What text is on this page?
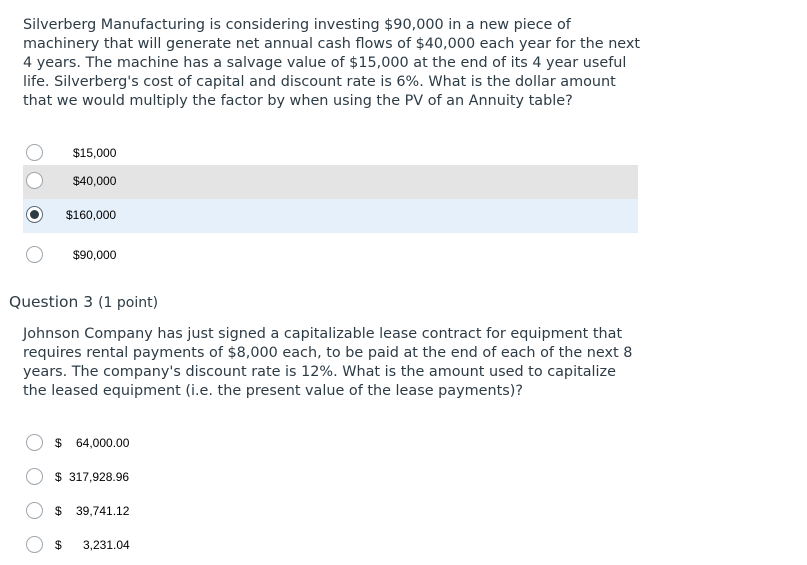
Silverberg Manufacturing is considering investing $90,000 in a new piece of machinery that will generate net annual cash flows of $40,000 each year for the next 4 years. The machine has a salvage value of $15,000 at the end of its 4 year useful life. Silverberg's cost of capital and discount rate is 6%. What is the dollar amount that we would multiply the factor by when using the PV of an Annuity table?

$15,000
$40,000
$160,000
$90,000
Question 3 (1 point)

Johnson Company has just signed a capitalizable lease contract for equipment that requires rental payments of $8,000 each, to be paid at the end of each of the next 8 years. The company's discount rate is 12%. What is the amount used to capitalize the leased equipment (i.e. the present value of the lease payments)?

$ 64,000.00
$ 317,928.96
$ 39,741.12
$ 3,231.04
